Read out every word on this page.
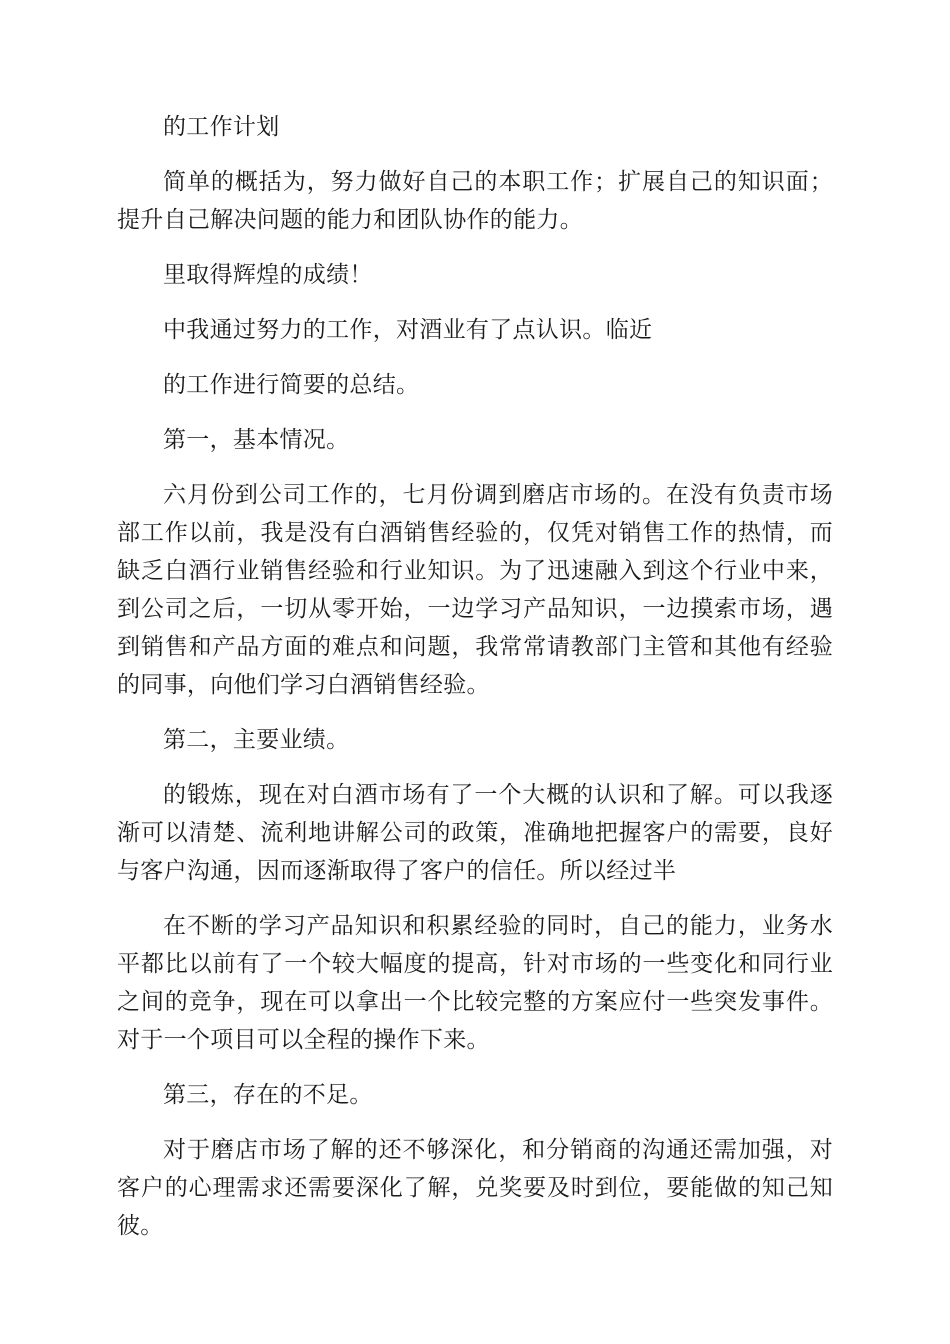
的工作计划

简单的概括为，努力做好自己的本职工作；扩展自己的知识面；提升自己解决问题的能力和团队协作的能力。

里取得辉煌的成绩！

中我通过努力的工作，对酒业有了点认识。临近

的工作进行简要的总结。

第一，基本情况。

六月份到公司工作的，七月份调到磨店市场的。在没有负责市场部工作以前，我是没有白酒销售经验的，仅凭对销售工作的热情，而缺乏白酒行业销售经验和行业知识。为了迅速融入到这个行业中来，到公司之后，一切从零开始，一边学习产品知识，一边摸索市场，遇到销售和产品方面的难点和问题，我常常请教部门主管和其他有经验的同事，向他们学习白酒销售经验。

第二，主要业绩。

的锻炼，现在对白酒市场有了一个大概的认识和了解。可以我逐渐可以清楚、流利地讲解公司的政策，准确地把握客户的需要，良好与客户沟通，因而逐渐取得了客户的信任。所以经过半

在不断的学习产品知识和积累经验的同时，自己的能力，业务水平都比以前有了一个较大幅度的提高，针对市场的一些变化和同行业之间的竞争，现在可以拿出一个比较完整的方案应付一些突发事件。对于一个项目可以全程的操作下来。

第三，存在的不足。

对于磨店市场了解的还不够深化，和分销商的沟通还需加强，对客户的心理需求还需要深化了解，兑奖要及时到位，要能做的知己知彼。
